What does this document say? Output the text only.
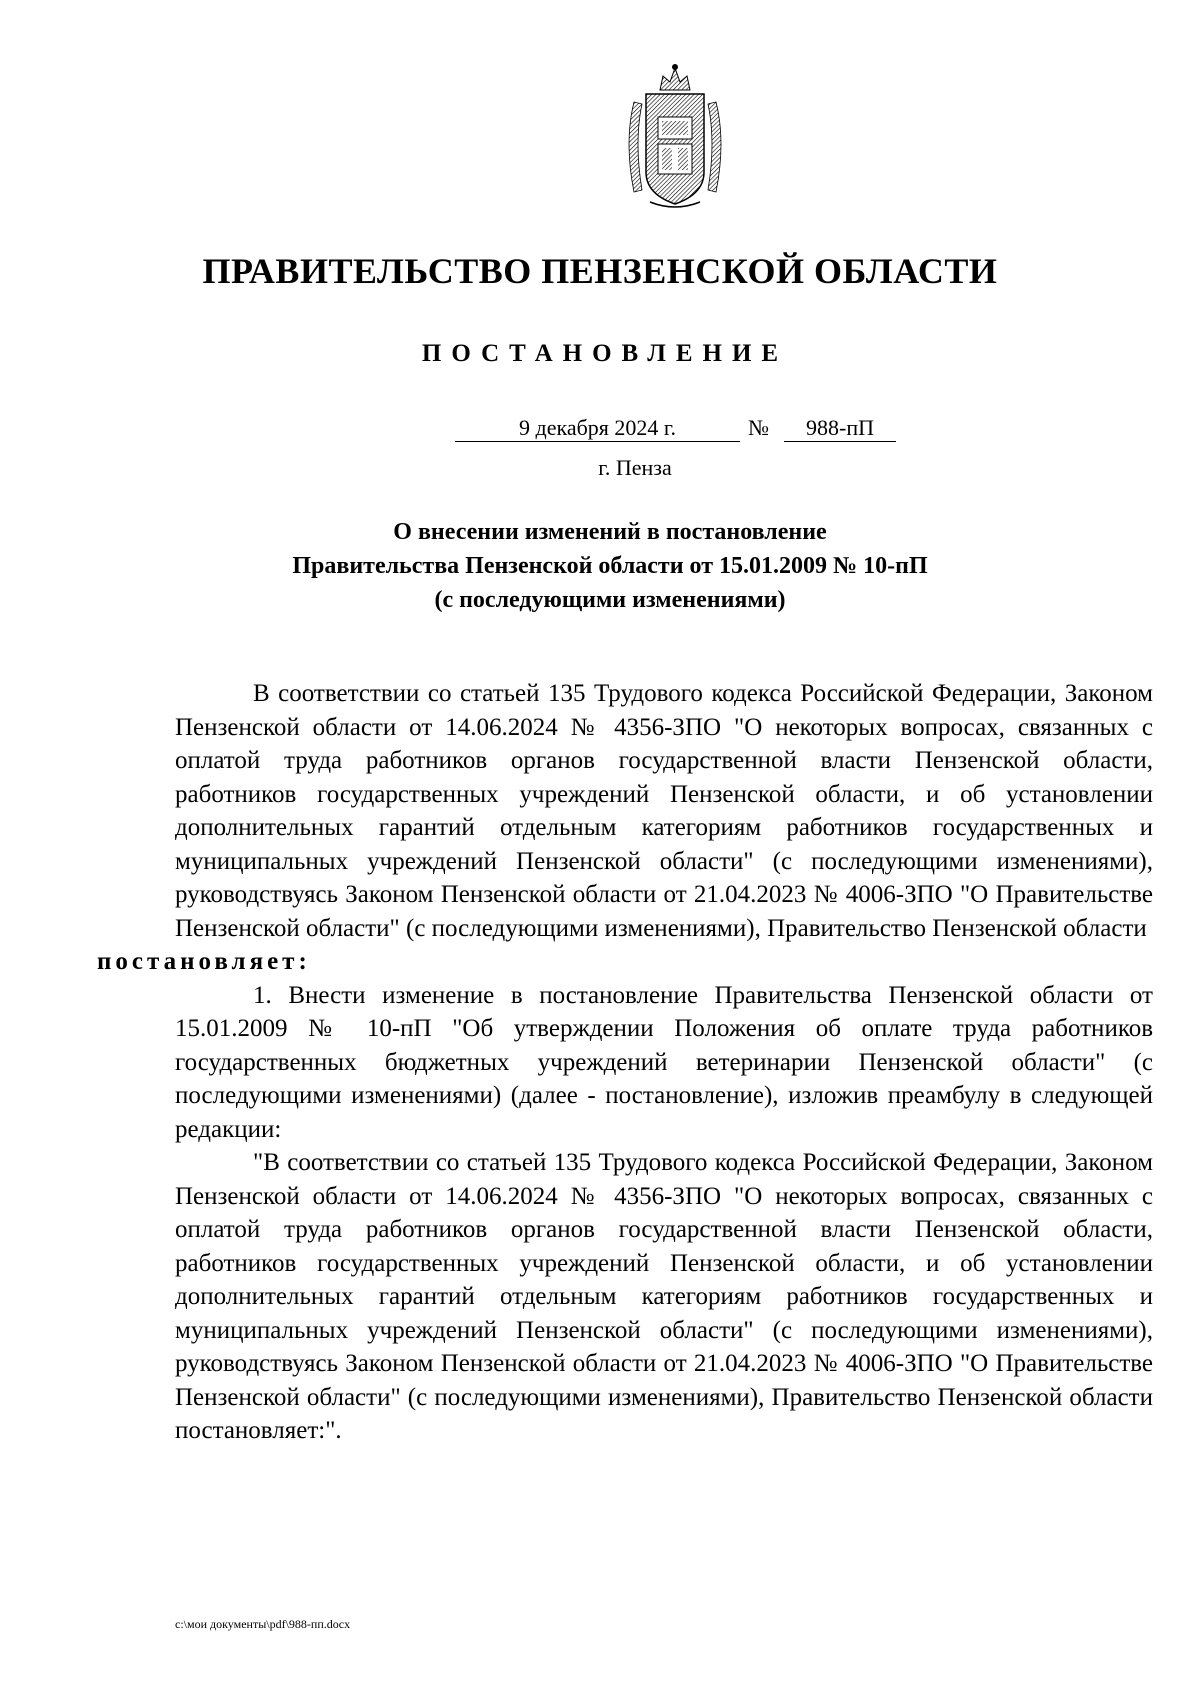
ПРАВИТЕЛЬСТВО ПЕНЗЕНСКОЙ ОБЛАСТИ
ПОСТАНОВЛЕНИЕ
9 декабря 2024 г.	№	988-пП
г. Пенза
О внесении изменений в постановление
Правительства Пензенской области от 15.01.2009 № 10-пП
(с последующими изменениями)

В соответствии со статьей 135 Трудового кодекса Российской Федерации, Законом Пензенской области от 14.06.2024 № 4356-ЗПО "О некоторых вопросах, связанных с оплатой труда работников органов государственной власти Пензенской области, работников государственных учреждений Пензенской области, и об установлении дополнительных гарантий отдельным категориям работников государственных и муниципальных учреждений Пензенской области" (с последующими изменениями), руководствуясь Законом Пензенской области от 21.04.2023 № 4006-ЗПО "О Правительстве Пензенской области" (с последующими изменениями), Правительство Пензенской области
постановляет:

1. Внести изменение в постановление Правительства Пензенской области от 15.01.2009 № 10-пП "Об утверждении Положения об оплате труда работников государственных бюджетных учреждений ветеринарии Пензенской области" (с последующими изменениями) (далее - постановление), изложив преамбулу в следующей редакции:

"В соответствии со статьей 135 Трудового кодекса Российской Федерации, Законом Пензенской области от 14.06.2024 № 4356-ЗПО "О некоторых вопросах, связанных с оплатой труда работников органов государственной власти Пензенской области, работников государственных учреждений Пензенской области, и об установлении дополнительных гарантий отдельным категориям работников государственных и муниципальных учреждений Пензенской области" (с последующими изменениями), руководствуясь Законом Пензенской области от 21.04.2023 № 4006-ЗПО "О Правительстве Пензенской области" (с последующими изменениями), Правительство Пензенской области постановляет:".

c:\мои документы\pdf\988-пп.docx
